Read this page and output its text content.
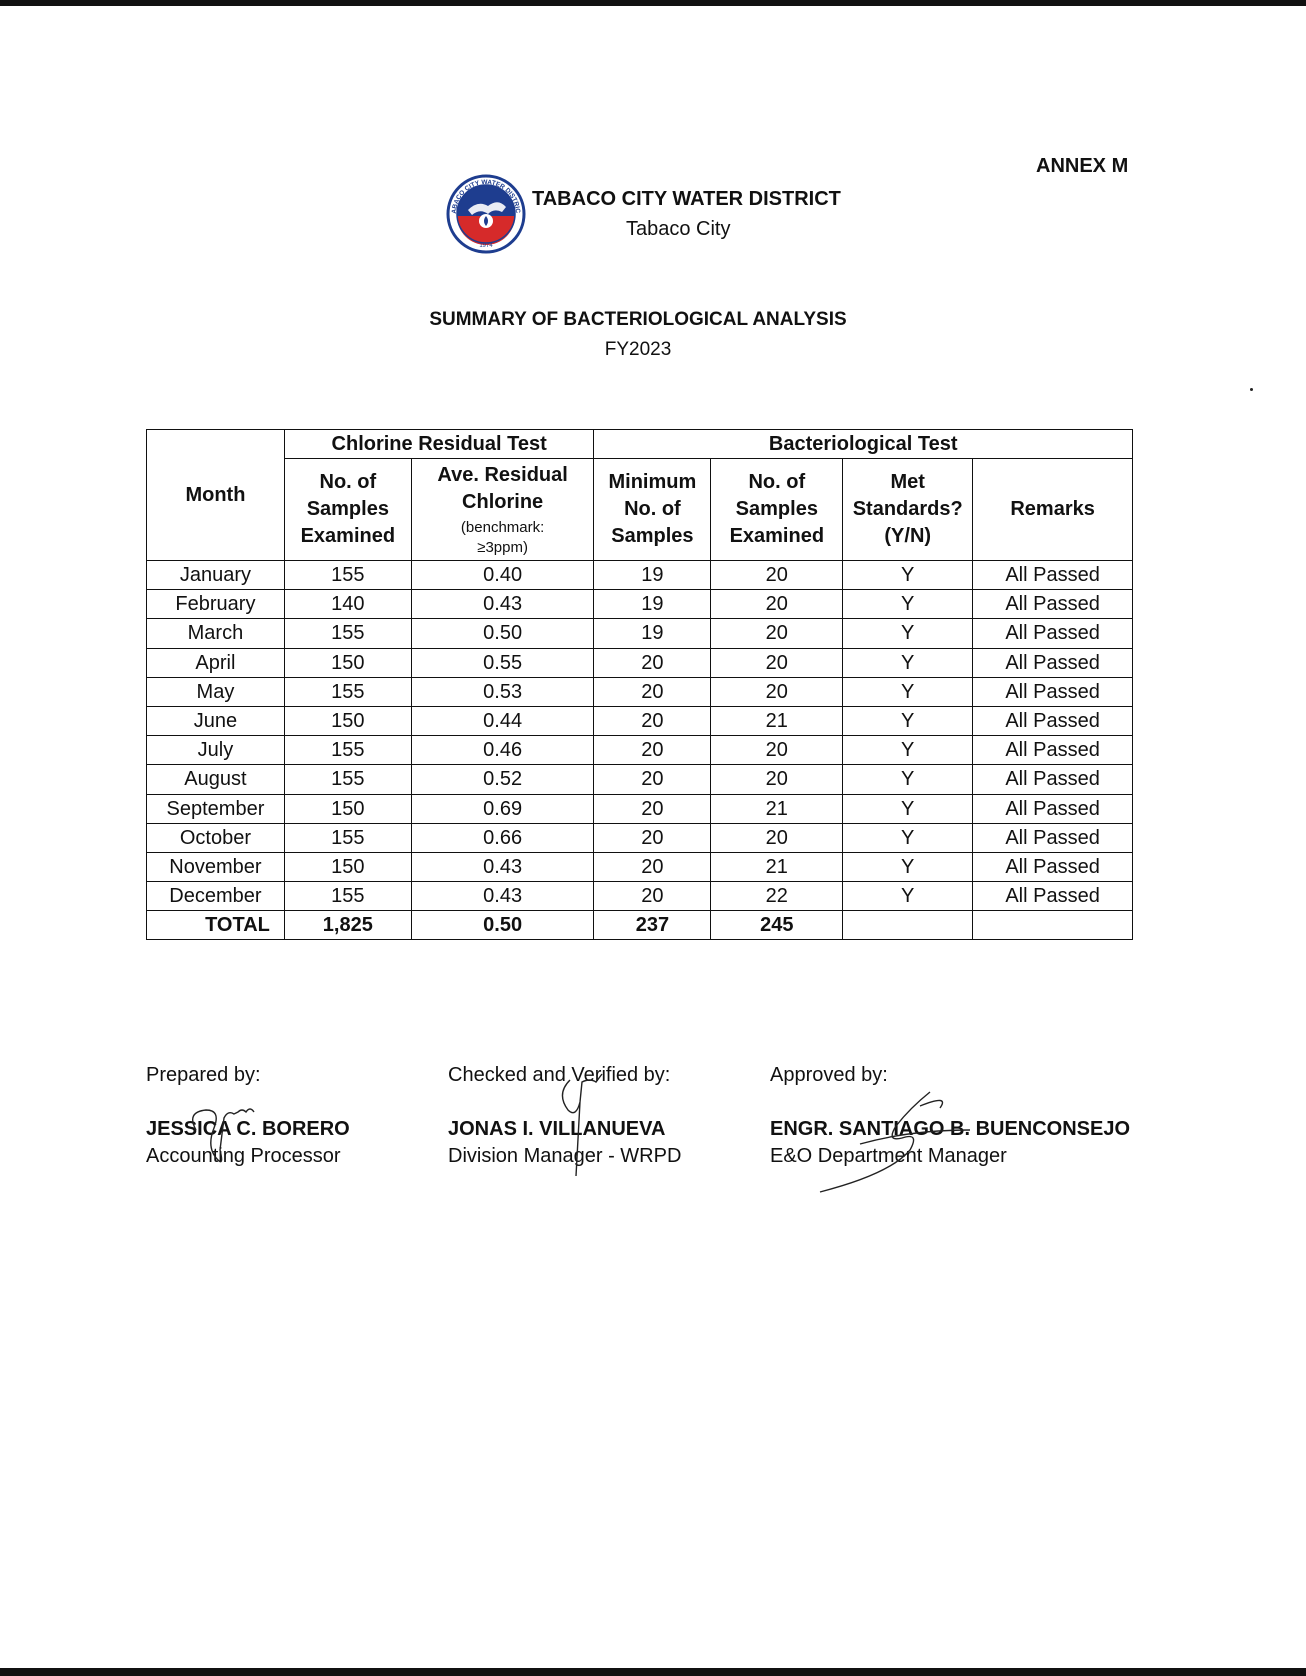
ANNEX M
1974
ABACO CITY WATER DISTRIC
TABACO CITY WATER DISTRICT
Tabaco City
SUMMARY OF BACTERIOLOGICAL ANALYSIS
FY2023
Month	Chlorine Residual Test		Bacteriological Test			

	No. of
Samples
Examined	Ave. Residual
Chlorine
(benchmark:
≥3ppm)	Minimum
No. of
Samples	No. of
Samples
Examined	Met
Standards?
(Y/N)	Remarks
January	155	0.40	19	20	Y	All Passed
February	140	0.43	19	20	Y	All Passed
March	155	0.50	19	20	Y	All Passed
April	150	0.55	20	20	Y	All Passed
May	155	0.53	20	20	Y	All Passed
June	150	0.44	20	21	Y	All Passed
July	155	0.46	20	20	Y	All Passed
August	155	0.52	20	20	Y	All Passed
September	150	0.69	20	21	Y	All Passed
October	155	0.66	20	20	Y	All Passed
November	150	0.43	20	21	Y	All Passed
December	155	0.43	20	22	Y	All Passed
TOTAL	1,825	0.50	237	245		
Prepared by:
JESSICA C. BORERO
Accounting Processor
Checked and Verified by:
JONAS I. VILLANUEVA
Division Manager - WRPD
Approved by:
ENGR. SANTIAGO B. BUENCONSEJO
E&O Department Manager
